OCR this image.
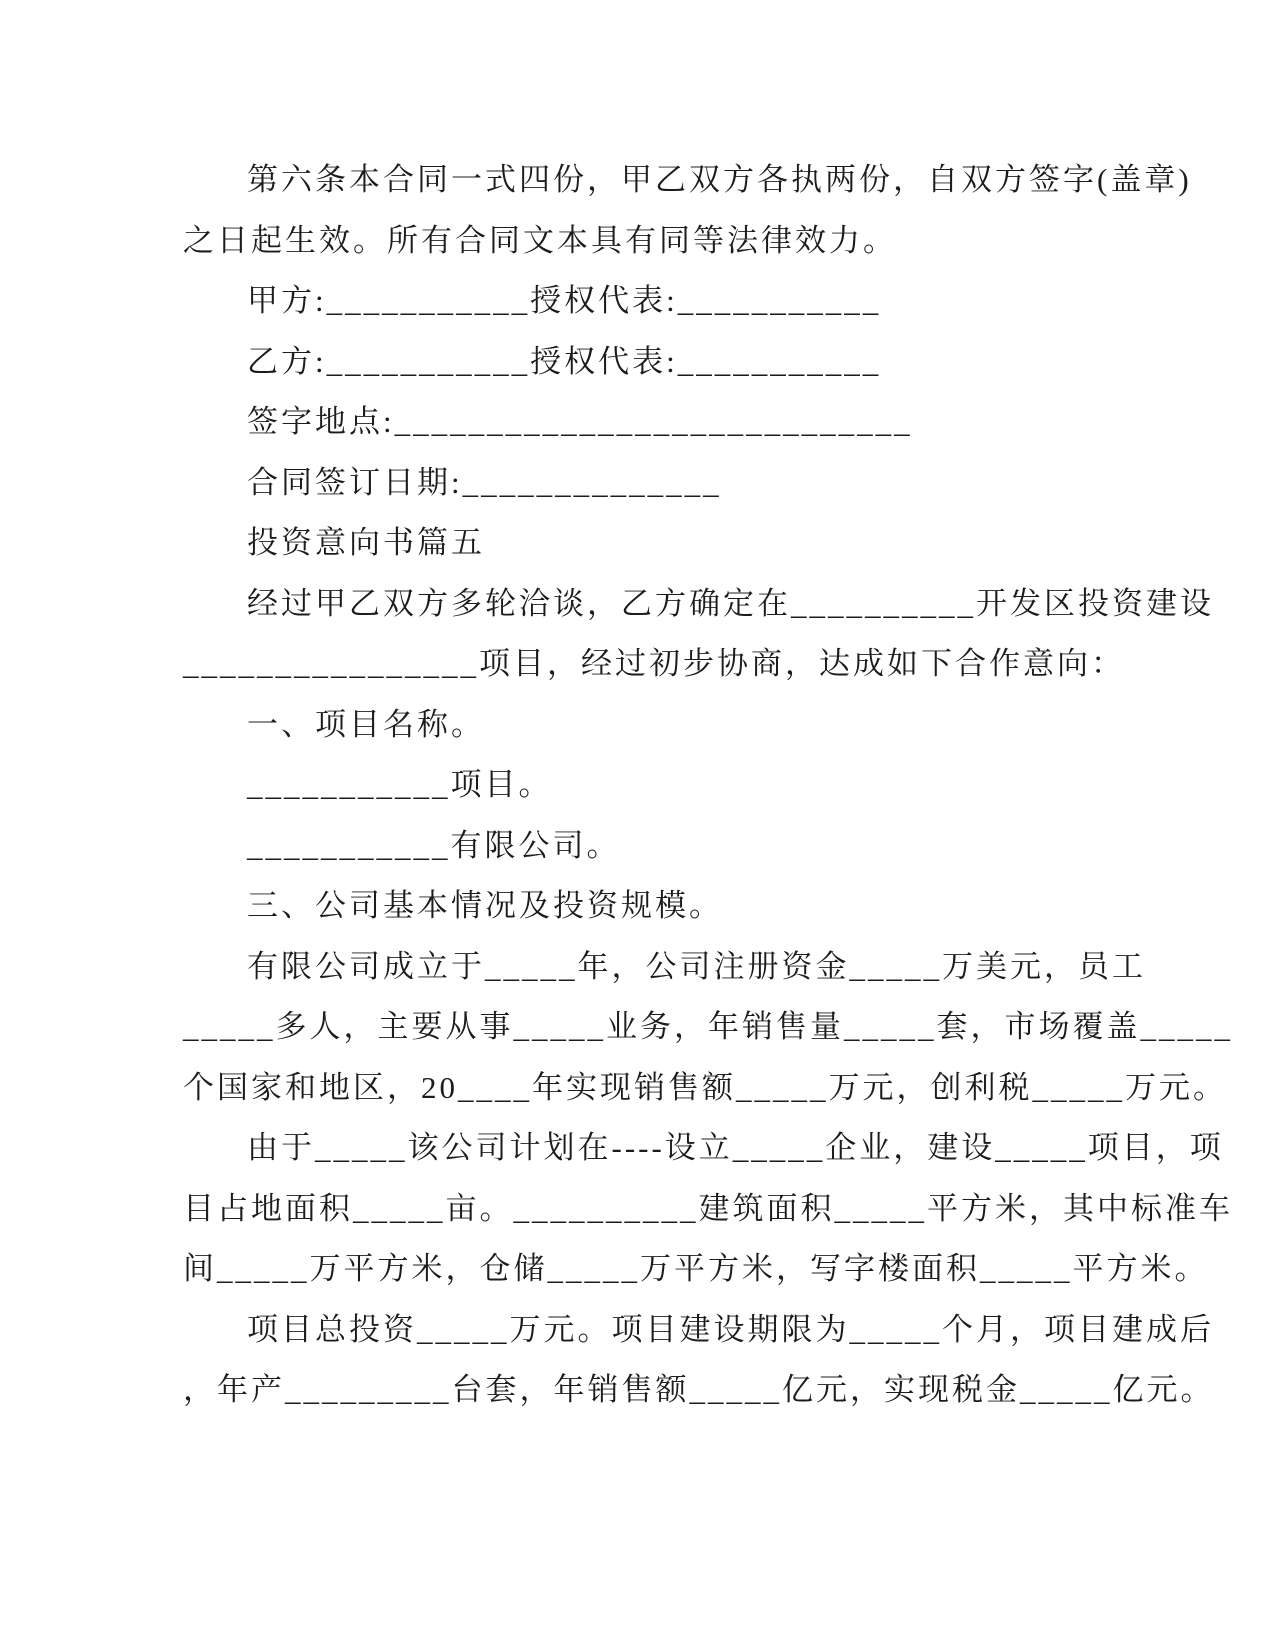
第六条本合同一式四份，甲乙双方各执两份，自双方签字(盖章)

之日起生效。所有合同文本具有同等法律效力。

甲方:___________授权代表:___________

乙方:___________授权代表:___________

签字地点:____________________________

合同签订日期:______________

投资意向书篇五

经过甲乙双方多轮洽谈，乙方确定在__________开发区投资建设

________________项目，经过初步协商，达成如下合作意向：

一、项目名称。

___________项目。

___________有限公司。

三、公司基本情况及投资规模。

有限公司成立于_____年，公司注册资金_____万美元，员工

_____多人，主要从事_____业务，年销售量_____套，市场覆盖_____

个国家和地区，20____年实现销售额_____万元，创利税_____万元。

由于_____该公司计划在----设立_____企业，建设_____项目，项

目占地面积_____亩。__________建筑面积_____平方米，其中标准车

间_____万平方米，仓储_____万平方米，写字楼面积_____平方米。

项目总投资_____万元。项目建设期限为_____个月，项目建成后

，年产_________台套，年销售额_____亿元，实现税金_____亿元。
